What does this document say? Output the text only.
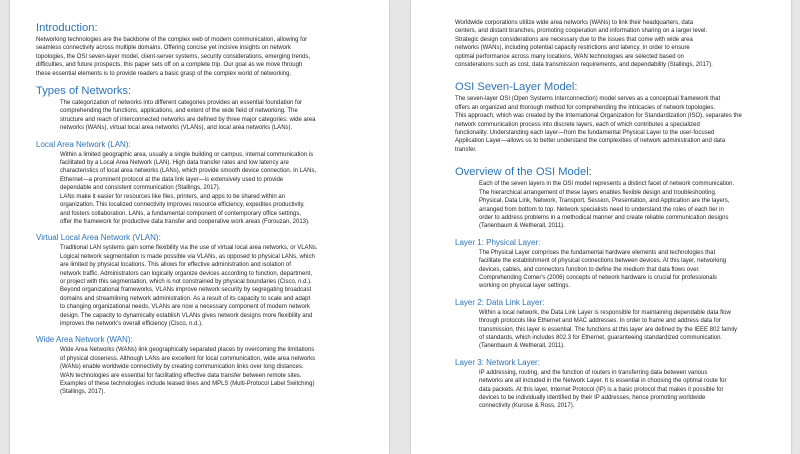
Introduction:
Networking technologies are the backbone of the complex web of modern communication, allowing for
seamless connectivity across multiple domains. Offering concise yet incisive insights on network
topologies, the OSI seven-layer model, client-server systems, security considerations, emerging trends,
difficulties, and future prospects, this paper sets off on a complete trip. Our goal as we move through
these essential elements is to provide readers a basic grasp of the complex world of networking.
Types of Networks:
The categorization of networks into different categories provides an essential foundation for
comprehending the functions, applications, and extent of the wide field of networking. The
structure and reach of interconnected networks are defined by three major categories: wide area
networks (WANs), virtual local area networks (VLANs), and local area networks (LANs).
Local Area Network (LAN):
Within a limited geographic area, usually a single building or campus, internal communication is
facilitated by a Local Area Network (LAN). High data transfer rates and low latency are
characteristics of local area networks (LANs), which provide smooth device connection. In LANs,
Ethernet—a prominent protocol at the data link layer—is extensively used to provide
dependable and consistent communication (Stallings, 2017).
LANs make it easier for resources like files, printers, and apps to be shared within an
organization. This localized connectivity improves resource efficiency, expedites productivity,
and fosters collaboration. LANs, a fundamental component of contemporary office settings,
offer the framework for productive data transfer and cooperative work areas (Forouzan, 2013).
Virtual Local Area Network (VLAN):
Traditional LAN systems gain some flexibility via the use of virtual local area networks, or VLANs.
Logical network segmentation is made possible via VLANs, as opposed to physical LANs, which
are limited by physical locations. This allows for effective administration and isolation of
network traffic. Administrators can logically organize devices according to function, department,
or project with this segmentation, which is not constrained by physical boundaries (Cisco, n.d.).
Beyond organizational frameworks, VLANs improve network security by segregating broadcast
domains and streamlining network administration. As a result of its capacity to scale and adapt
to changing organizational needs, VLANs are now a necessary component of modern network
design. The capacity to dynamically establish VLANs gives network designs more flexibility and
improves the network's overall efficiency (Cisco, n.d.).
Wide Area Network (WAN):
Wide Area Networks (WANs) link geographically separated places by overcoming the limitations
of physical closeness. Although LANs are excellent for local communication, wide area networks
(WANs) enable worldwide connectivity by creating communication links over long distances.
WAN technologies are essential for facilitating effective data transfer between remote sites.
Examples of these technologies include leased lines and MPLS (Multi-Protocol Label Switching)
(Stallings, 2017).
Worldwide corporations utilize wide area networks (WANs) to link their headquarters, data
centers, and distant branches, promoting cooperation and information sharing on a larger level.
Strategic design considerations are necessary due to the issues that come with wide area
networks (WANs), including potential capacity restrictions and latency. In order to ensure
optimal performance across many locations, WAN technologies are selected based on
considerations such as cost, data transmission requirements, and dependability (Stallings, 2017).
OSI Seven-Layer Model:
The seven-layer OSI (Open Systems Interconnection) model serves as a conceptual framework that
offers an organized and thorough method for comprehending the intricacies of network topologies.
This approach, which was created by the International Organization for Standardization (ISO), separates the
network communication process into discrete layers, each of which contributes a specialized
functionality. Understanding each layer—from the fundamental Physical Layer to the user-focused
Application Layer—allows us to better understand the complexities of network administration and data
transfer.
Overview of the OSI Model:
Each of the seven layers in the OSI model represents a distinct facet of network communication.
The hierarchical arrangement of these layers enables flexible design and troubleshooting.
Physical, Data Link, Network, Transport, Session, Presentation, and Application are the layers,
arranged from bottom to top. Network specialists need to understand the roles of each tier in
order to address problems in a methodical manner and create reliable communication designs
(Tanenbaum & Wetherall, 2011).
Layer 1: Physical Layer:
The Physical Layer comprises the fundamental hardware elements and technologies that
facilitate the establishment of physical connections between devices. At this layer, networking
devices, cables, and connectors function to define the medium that data flows over.
Comprehending Comer's (2006) concepts of network hardware is crucial for professionals
working on physical layer settings.
Layer 2: Data Link Layer:
Within a local network, the Data Link Layer is responsible for maintaining dependable data flow
through protocols like Ethernet and MAC addresses. In order to frame and address data for
transmission, this layer is essential. The functions at this layer are defined by the IEEE 802 family
of standards, which includes 802.3 for Ethernet, guaranteeing standardized communication.
(Tanenbaum & Wetherall, 2011).
Layer 3: Network Layer:
IP addressing, routing, and the function of routers in transferring data between various
networks are all included in the Network Layer. It is essential in choosing the optimal route for
data packets. At this layer, Internet Protocol (IP) is a basic protocol that makes it possible for
devices to be individually identified by their IP addresses, hence promoting worldwide
connectivity (Kurose & Ross, 2017).
